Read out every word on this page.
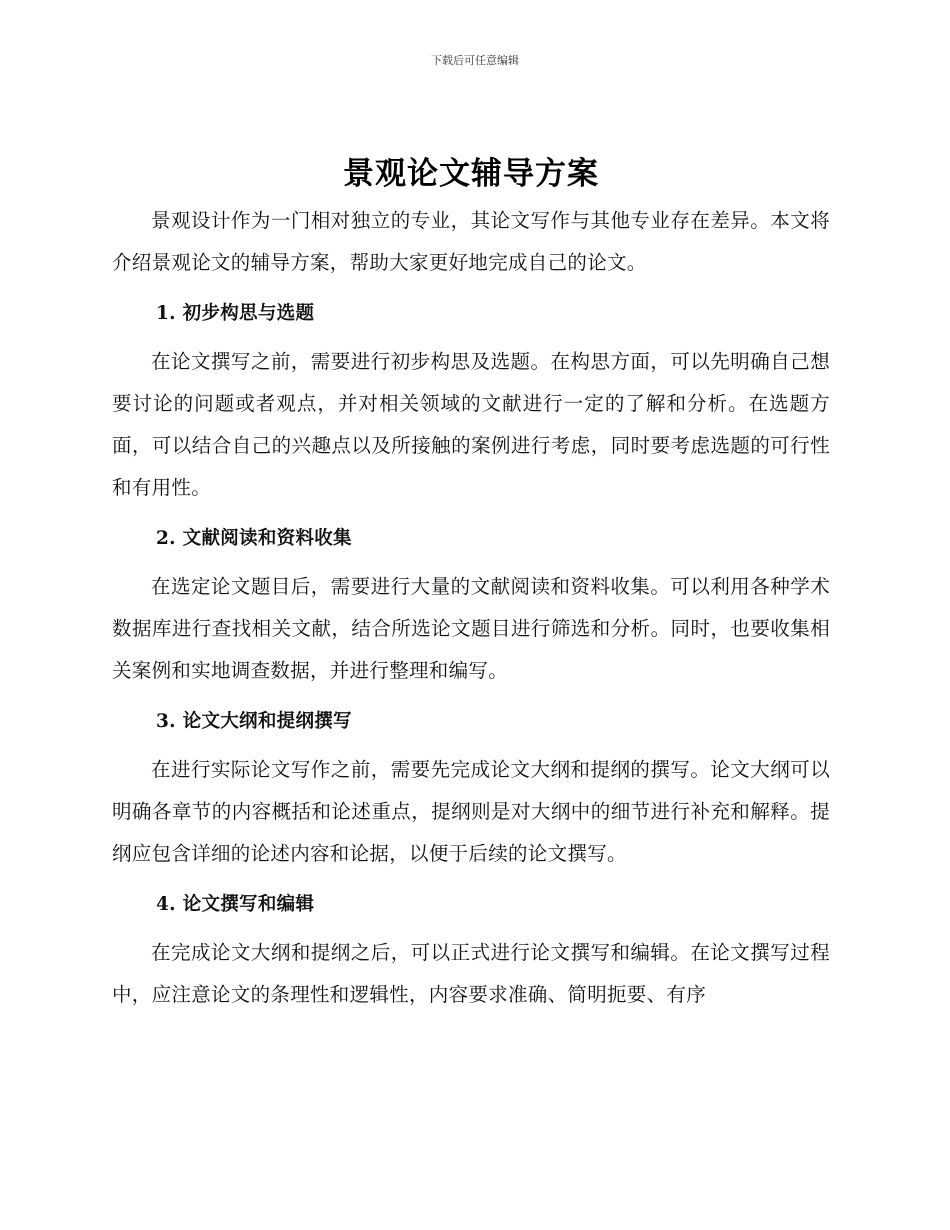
下载后可任意编辑
景观论文辅导方案

景观设计作为一门相对独立的专业，其论文写作与其他专业存在差异。本文将介绍景观论文的辅导方案，帮助大家更好地完成自己的论文。

1. 初步构思与选题

在论文撰写之前，需要进行初步构思及选题。在构思方面，可以先明确自己想要讨论的问题或者观点，并对相关领域的文献进行一定的了解和分析。在选题方面，可以结合自己的兴趣点以及所接触的案例进行考虑，同时要考虑选题的可行性和有用性。

2. 文献阅读和资料收集

在选定论文题目后，需要进行大量的文献阅读和资料收集。可以利用各种学术数据库进行查找相关文献，结合所选论文题目进行筛选和分析。同时，也要收集相关案例和实地调查数据，并进行整理和编写。

3. 论文大纲和提纲撰写

在进行实际论文写作之前，需要先完成论文大纲和提纲的撰写。论文大纲可以明确各章节的内容概括和论述重点，提纲则是对大纲中的细节进行补充和解释。提纲应包含详细的论述内容和论据，以便于后续的论文撰写。

4. 论文撰写和编辑

在完成论文大纲和提纲之后，可以正式进行论文撰写和编辑。在论文撰写过程中，应注意论文的条理性和逻辑性，内容要求准确、简明扼要、有序
